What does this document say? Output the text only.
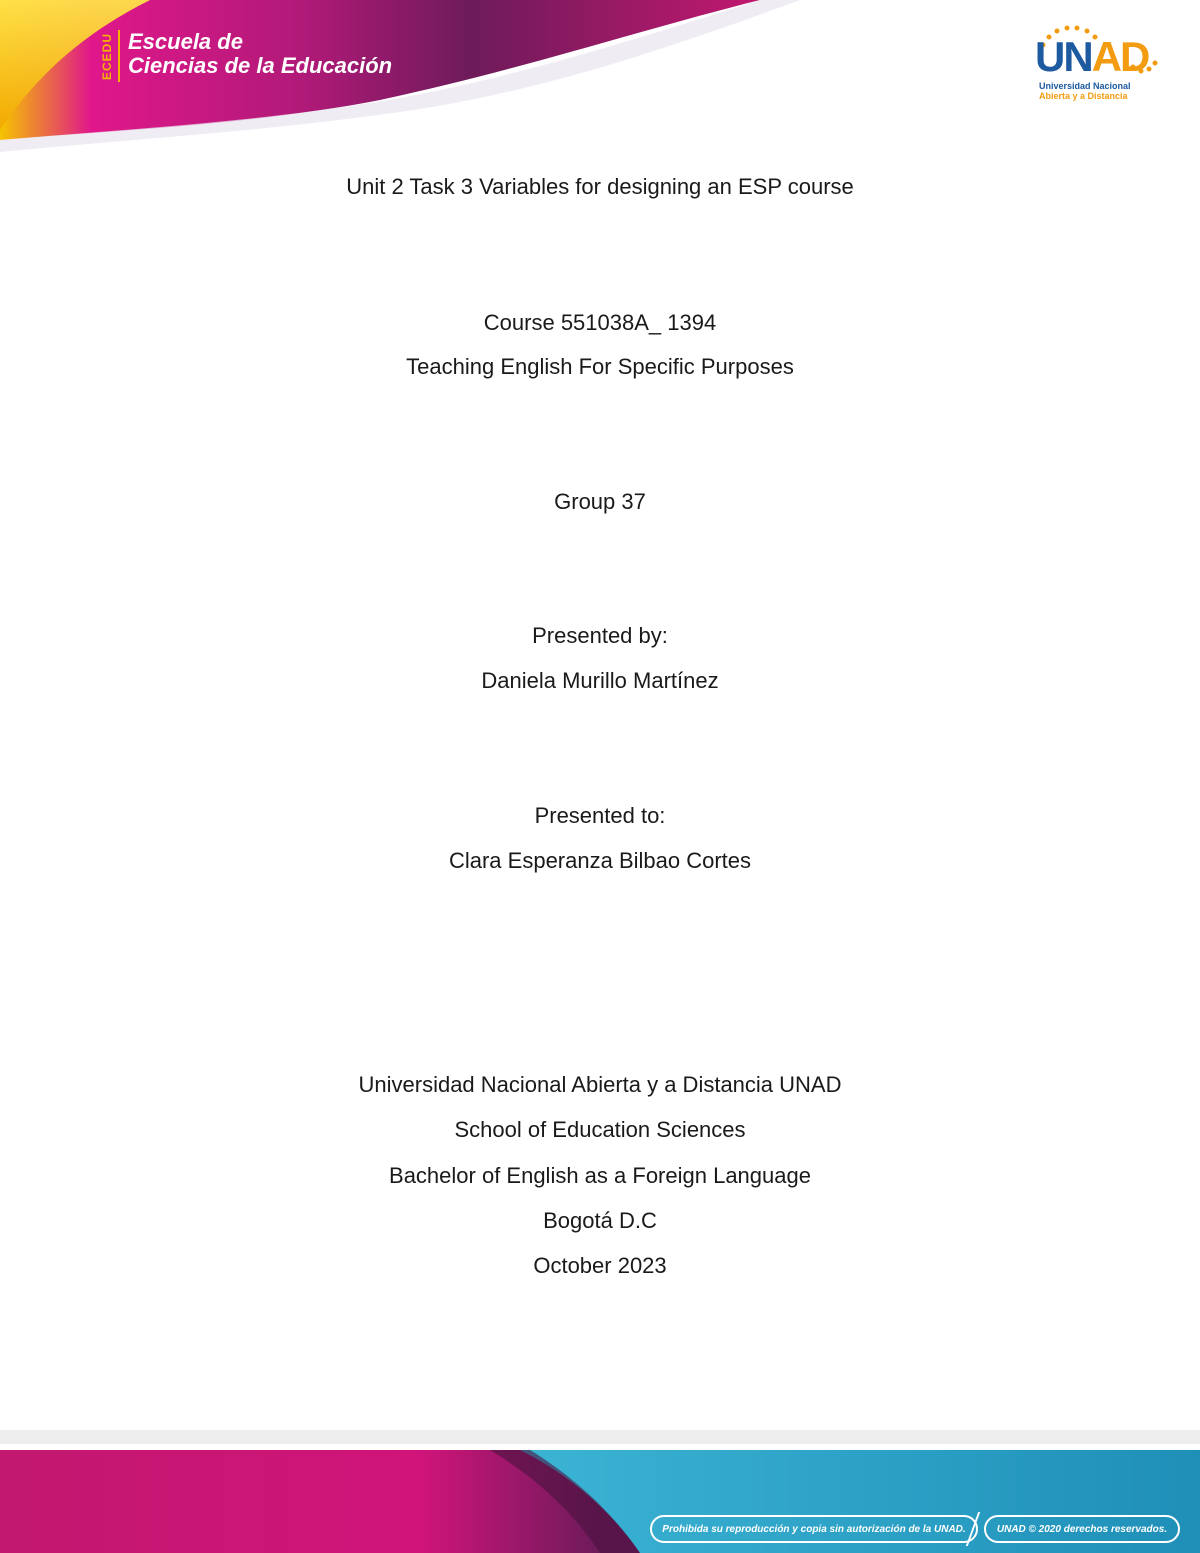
ECEDU Escuela de
Ciencias de la Educación	UNAD
Universidad Nacional
Abierta y a Distancia
Unit 2 Task 3 Variables for designing an ESP course
Course 551038A_ 1394
Teaching English For Specific Purposes
Group 37
Presented by:
Daniela Murillo Martínez
Presented to:
Clara Esperanza Bilbao Cortes
Universidad Nacional Abierta y a Distancia UNAD
School of Education Sciences
Bachelor of English as a Foreign Language
Bogotá D.C
October 2023
Prohibida su reproducción y copia sin autorización de la UNAD.	UNAD © 2020 derechos reservados.
